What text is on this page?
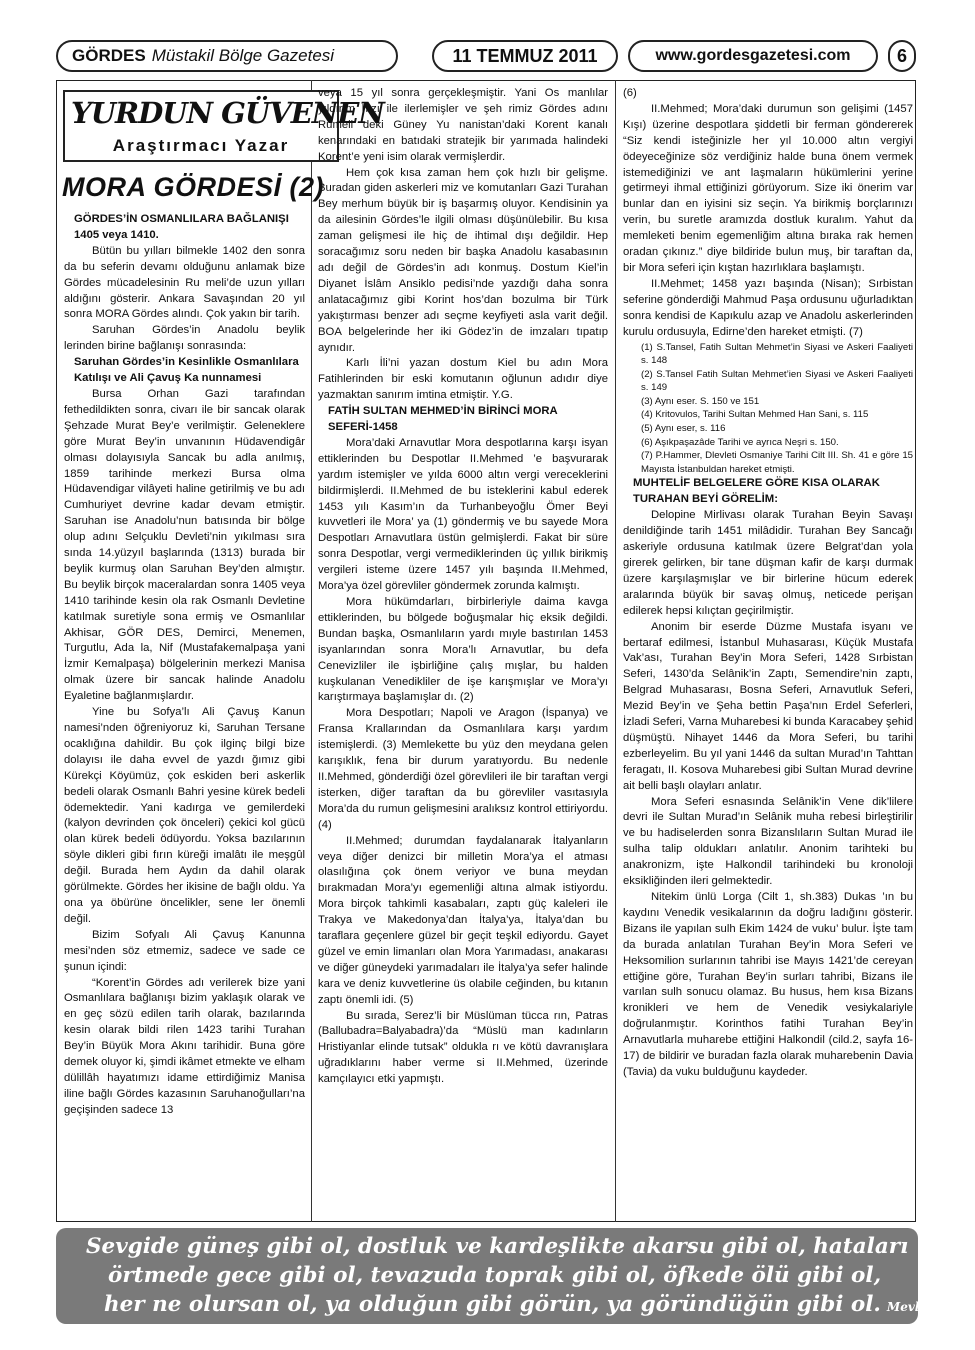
GÖRDES Müstakil Bölge Gazetesi	11 TEMMUZ 2011	www.gordesgazetesi.com	6
YURDUN GÜVENEN
Araştırmacı Yazar
MORA GÖRDESİ (2)

GÖRDES’İN OSMANLILARA BAĞLANIŞI 1405 veya 1410.

Bütün bu yılları bilmekle 1402 den sonra da bu seferin devamı olduğunu anlamak bize Gördes mücadelesinin Ru meli’de uzun yılları aldığını gösterir. Ankara Savaşından 20 yıl sonra MORA Gördes alındı. Çok yakın bir tarih.

Saruhan Gördes’in Anadolu beylik lerinden birine bağlanışı sonrasında:

Saruhan Gördes’in Kesinlikle Osmanlılara Katılışı ve Ali Çavuş Ka nunnamesi

Bursa Orhan Gazi tarafından fethedildikten sonra, civarı ile bir sancak olarak Şehzade Murat Bey’e verilmiştir. Geleneklere göre Murat Bey’in unvanının Hüdavendigâr olması dolayısıyla Sancak bu adla anılmış, 1859 tarihinde merkezi Bursa olma Hüdavendigar vilâyeti haline getirilmiş ve bu adı Cumhuriyet devrine kadar devam etmiştir. Saruhan ise Anadolu’nun batısında bir bölge olup adını Selçuklu Devleti’nin yıkılması sıra sında 14.yüzyıl başlarında (1313) burada bir beylik kurmuş olan Saruhan Bey’den almıştır. Bu beylik birçok maceralardan sonra 1405 veya 1410 tarihinde kesin ola rak Osmanlı Devletine katılmak suretiyle sona ermiş ve Osmanlılar Akhisar, GÖR DES, Demirci, Menemen, Turgutlu, Ada la, Nif (Mustafakemalpaşa yani İzmir Kemalpaşa) bölgelerinin merkezi Manisa olmak üzere bir sancak halinde Anadolu Eyaletine bağlanmışlardır.

Yine bu Sofya’lı Ali Çavuş Kanun namesi’nden öğreniyoruz ki, Saruhan Tersane ocaklığına dahildir. Bu çok ilginç bilgi bize dolayısı ile daha evvel de yazdı ğımız gibi Kürekçi Köyümüz, çok eskiden beri askerlik bedeli olarak Osmanlı Bahri yesine kürek bedeli ödemektedir. Yani kadırga ve gemilerdeki (kalyon devrinden çok önceleri) çekici kol gücü olan kürek bedeli ödüyordu. Yoksa bazılarının söyle dikleri gibi fırın küreği imalâtı ile meşgûl değil. Burada hem Aydın da dahil olarak görülmekte. Gördes her ikisine de bağlı oldu. Ya ona ya öbürüne öncelikler, sene ler önemli değil.

Bizim Sofyalı Ali Çavuş Kanunna mesi’nden söz etmemiz, sadece ve sade ce şunun içindi:

“Korent’in Gördes adı verilerek bize yani Osmanlılara bağlanışı bizim yaklaşık olarak ve en geç sözü edilen tarih olarak, bazılarında kesin olarak bildi rilen 1423 tarihi Turahan Bey’in Büyük Mora Akını tarihidir. Buna göre demek oluyor ki, şimdi ikâmet etmekte ve elham dülillâh hayatımızı idame ettirdiğimiz Manisa iline bağlı Gördes kazasının Saruhanoğulları’na geçişinden sadece 13

veya 15 yıl sonra gerçekleşmiştir. Yani Os manlılar yıldırım hızı ile ilerlemişler ve şeh rimiz Gördes adını Rumeli deki Güney Yu nanistan’daki Korent kanalı kenarındaki en batıdaki stratejik bir yarımada halindeki Korent’e yeni isim olarak vermişlerdir.

Hem çok kısa zaman hem çok hızlı bir gelişme. Buradan giden askerleri miz ve komutanları Gazi Turahan Bey merhum büyük bir iş başarmış oluyor. Kendisinin ya da ailesinin Gördes’le ilgili olması düşünülebilir. Bu kısa zaman gelişmesi ile hiç de ihtimal dışı değildir. Hep soracağımız soru neden bir başka Anadolu kasabasının adı değil de Gördes’in adı konmuş. Dostum Kiel’in Diyanet İslâm Ansiklo pedisi’nde yazdığı daha sonra anlatacağımız gibi Korint hos’dan bozulma bir Türk yakıştırması benzer adı seçme keyfiyeti asla varit değil. BOA belgelerinde her iki Gödez’in de imzaları tıpatıp aynıdır.

Karlı İli’ni yazan dostum Kiel bu adın Mora Fatihlerinden bir eski komutanın oğlunun adıdır diye yazmaktan sanırım imtina etmiştir. Y.G.

FATİH SULTAN MEHMED’İN BİRİNCİ MORA SEFERİ-1458

Mora’daki Arnavutlar Mora despotlarına karşı isyan ettiklerinden bu Despotlar II.Mehmed ’e başvurarak yardım istemişler ve yılda 6000 altın vergi vereceklerini bildirmişlerdi. II.Mehmed de bu isteklerini kabul ederek 1453 yılı Kasım’ın da Turhanbeyoğlu Ömer Beyi kuvvetleri ile Mora’ ya (1) göndermiş ve bu sayede Mora Despotları Arnavutlara üstün gelmişlerdi. Fakat bir süre sonra Despotlar, vergi vermediklerinden üç yıllık birikmiş vergileri isteme üzere 1457 yılı başında II.Mehmed, Mora’ya özel görevliler göndermek zorunda kalmıştı.

Mora hükümdarları, birbirleriyle daima kavga ettiklerinden, bu bölgede boğuşmalar hiç eksik değildi. Bundan başka, Osmanlıların yardı mıyle bastırılan 1453 isyanlarından sonra Mora’lı Arnavutlar, bu defa Cenevizliler ile işbirliğine çalış mışlar, bu halden kuşkulanan Venedikliler de işe karışmışlar ve Mora’yı karıştırmaya başlamışlar dı. (2)

Mora Despotları; Napoli ve Aragon (İspanya) ve Fransa Krallarından da Osmanlılara karşı yardım istemişlerdi. (3) Memlekette bu yüz den meydana gelen karışıklık, fena bir durum yaratıyordu. Bu nedenle II.Mehmed, gönderdiği özel görevlileri ile bir taraftan vergi isterken, diğer taraftan da bu görevliler vasıtasıyla Mora’da du rumun gelişmesini aralıksız kontrol ettiriyordu. (4)

II.Mehmed; durumdan faydalanarak İtalyanların veya diğer denizci bir milletin Mora’ya el atması olasılığına çok önem veriyor ve buna meydan bırakmadan Mora’yı egemenliği altına almak istiyordu. Mora birçok tahkimli kasabaları, zaptı güç kaleleri ile Trakya ve Makedonya’dan İtalya’ya, İtalya’dan bu taraflara geçenlere güzel bir geçit teşkil ediyordu. Gayet güzel ve emin limanları olan Mora Yarımadası, anakarası ve diğer güneydeki yarımadaları ile İtalya’ya sefer halinde kara ve deniz kuvvetlerine üs olabile ceğinden, bu kıtanın zaptı önemli idi. (5)

Bu sırada, Serez’li bir Müslüman tücca rın, Patras (Ballubadra=Balyabadra)’da “Müslü man kadınların Hristiyanlar elinde tutsak” oldukla rı ve kötü davranışlara uğradıklarını haber verme si II.Mehmed, üzerinde kamçılayıcı etki yapmıştı.

(6)

II.Mehmed; Mora’daki durumun son gelişimi (1457 Kışı) üzerine despotlara şiddetli bir ferman göndererek “Siz kendi isteğinizle her yıl 10.000 altın vergiyi ödeyeceğinize söz verdiğiniz halde buna önem vermek istemediğinizi ve ant laşmaların hükümlerini yerine getirmeyi ihmal ettiğinizi görüyorum. Size iki önerim var bunlar dan en iyisini siz seçin. Ya birikmiş borçlarınızı verin, bu suretle aramızda dostluk kuralım. Yahut da memleketi benim egemenliğim altına bıraka rak hemen oradan çıkınız.” diye bildiride bulun muş, bir taraftan da, bir Mora seferi için kıştan hazırlıklara başlamıştı.

II.Mehmet; 1458 yazı başında (Nisan); Sırbistan seferine gönderdiği Mahmud Paşa ordusunu uğurladıktan sonra kendisi de Kapıkulu azap ve Anadolu askerlerinden kurulu ordusuyla, Edirne’den hareket etmişti. (7)

(1) S.Tansel, Fatih Sultan Mehmet’in Siyasi ve Askeri Faaliyeti s. 148

(2) S.Tansel Fatih Sultan Mehmet’ien Siyasi ve Askeri Faaliyeti s. 149

(3) Aynı eser. S. 150 ve 151

(4) Kritovulos, Tarihi Sultan Mehmed Han Sani, s. 115

(5) Aynı eser, s. 116

(6) Aşıkpaşazâde Tarihi ve ayrıca Neşri s. 150.

(7) P.Hammer, Dlevleti Osmaniye Tarihi Cilt III. Sh. 41 e göre 15 Mayısta İstanbuldan hareket etmişti.

MUHTELİF BELGELERE GÖRE KISA OLARAK TURAHAN BEYİ GÖRELİM:

Delopine Mirlivası olarak Turahan Beyin Savaşı denildiğinde tarih 1451 milâdidir. Turahan Bey Sancağı askeriyle ordusuna katılmak üzere Belgrat’dan yola girerek gelirken, bir tane düşman kafir de karşı durmak üzere karşılaşmışlar ve bir birlerine hücum ederek aralarında büyük bir savaş olmuş, neticede perişan edilerek hepsi kılıçtan geçirilmiştir.

Anonim bir eserde Düzme Mustafa isyanı ve bertaraf edilmesi, İstanbul Muhasarası, Küçük Mustafa Vak’ası, Turahan Bey’in Mora Seferi, 1428 Sırbistan Seferi, 1430’da Selânik’in Zaptı, Semendire’nin zaptı, Belgrad Muhasarası, Bosna Seferi, Arnavutluk Seferi, Mezid Bey’in ve Şeha bettin Paşa’nın Erdel Seferleri, İzladi Seferi, Varna Muharebesi ki bunda Karacabey şehid düşmüştü. Nihayet 1446 da Mora Seferi, bu tarihi ezberleyelim. Bu yıl yani 1446 da sultan Murad’ın Tahttan feragatı, II. Kosova Muharebesi gibi Sultan Murad devrine ait belli başlı olayları anlatır.

Mora Seferi esnasında Selânik’in Vene dik’lilere devri ile Sultan Murad’ın Selânik muha rebesi birleştirilir ve bu hadiselerden sonra Bizanslıların Sultan Murad ile sulha talip oldukları anlatılır. Anonim tarihteki bu anakronizm, işte Halkondil tarihindeki bu kronoloji eksikliğinden ileri gelmektedir.

Nitekim ünlü Lorga (Cilt 1, sh.383) Dukas ’ın bu kaydını Venedik vesikalarının da doğru ladığını gösterir. Bizans ile yapılan sulh Ekim 1424 de vuku’ bulur. İşte tam da burada anlatılan Turahan Bey’in Mora Seferi ve Heksomilion surlarının tahribi ise Mayıs 1421’de cereyan ettiğine göre, Turahan Bey’in surları tahribi, Bizans ile varılan sulh sonucu olamaz. Bu husus, hem kısa Bizans kronikleri ve hem de Venedik vesiykalariyle doğrulanmıştır. Korinthos fatihi Turahan Bey’in Arnavutlarla muharebe ettiğini Halkondil (cild.2, sayfa 16-17) de bildirir ve buradan fazla olarak muharebenin Davia (Tavia) da vuku bulduğunu kaydeder.

Sevgide güneş gibi ol, dostluk ve kardeşlikte akarsu gibi ol, hataları
örtmede gece gibi ol, tevazuda toprak gibi ol, öfkede ölü gibi ol,
her ne olursan ol, ya olduğun gibi görün, ya göründüğün gibi ol. Mevlana
